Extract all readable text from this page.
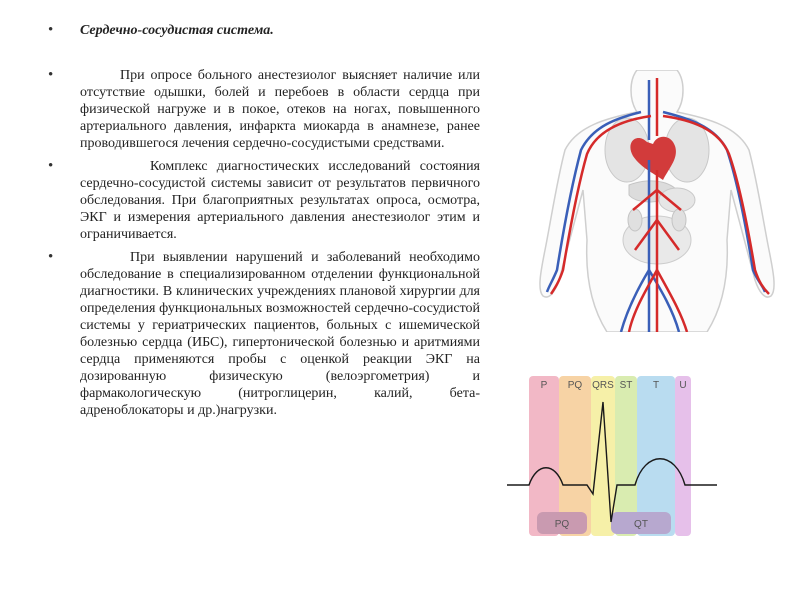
• Сердечно-сосудистая система.
•	При опросе больного анестезиолог выясняет наличие или отсутствие одышки, болей и перебоев в области сердца при физической нагруже и в покое, отеков на ногах, повышенного артериального давления, инфаркта миокарда в анамнезе, ранее проводившегося лечения сердечно-сосудистыми средствами.
•	Комплекс диагностических исследований состояния сердечно-сосудистой системы зависит от результатов первичного обследования. При благоприятных результатах опроса, осмотра, ЭКГ и измерения артериального давления анестезиолог этим и ограничивается.
•	При выявлении нарушений и заболеваний необходимо обследование в специализированном отделении функциональной диагностики. В клинических учреждениях плановой хирургии для определения функциональных возможностей сердечно-сосудистой системы у гериатрических пациентов, больных с ишемической болезнью сердца (ИБС), гипертонической болезнью и аритмиями сердца применяются пробы с оценкой реакции ЭКГ на дозированную физическую (велоэргометрия) и фармакологическую (нитроглицерин, калий, бета-адреноблокаторы и др.)нагрузки.
P PQ QRS ST T U
PQ	QT
